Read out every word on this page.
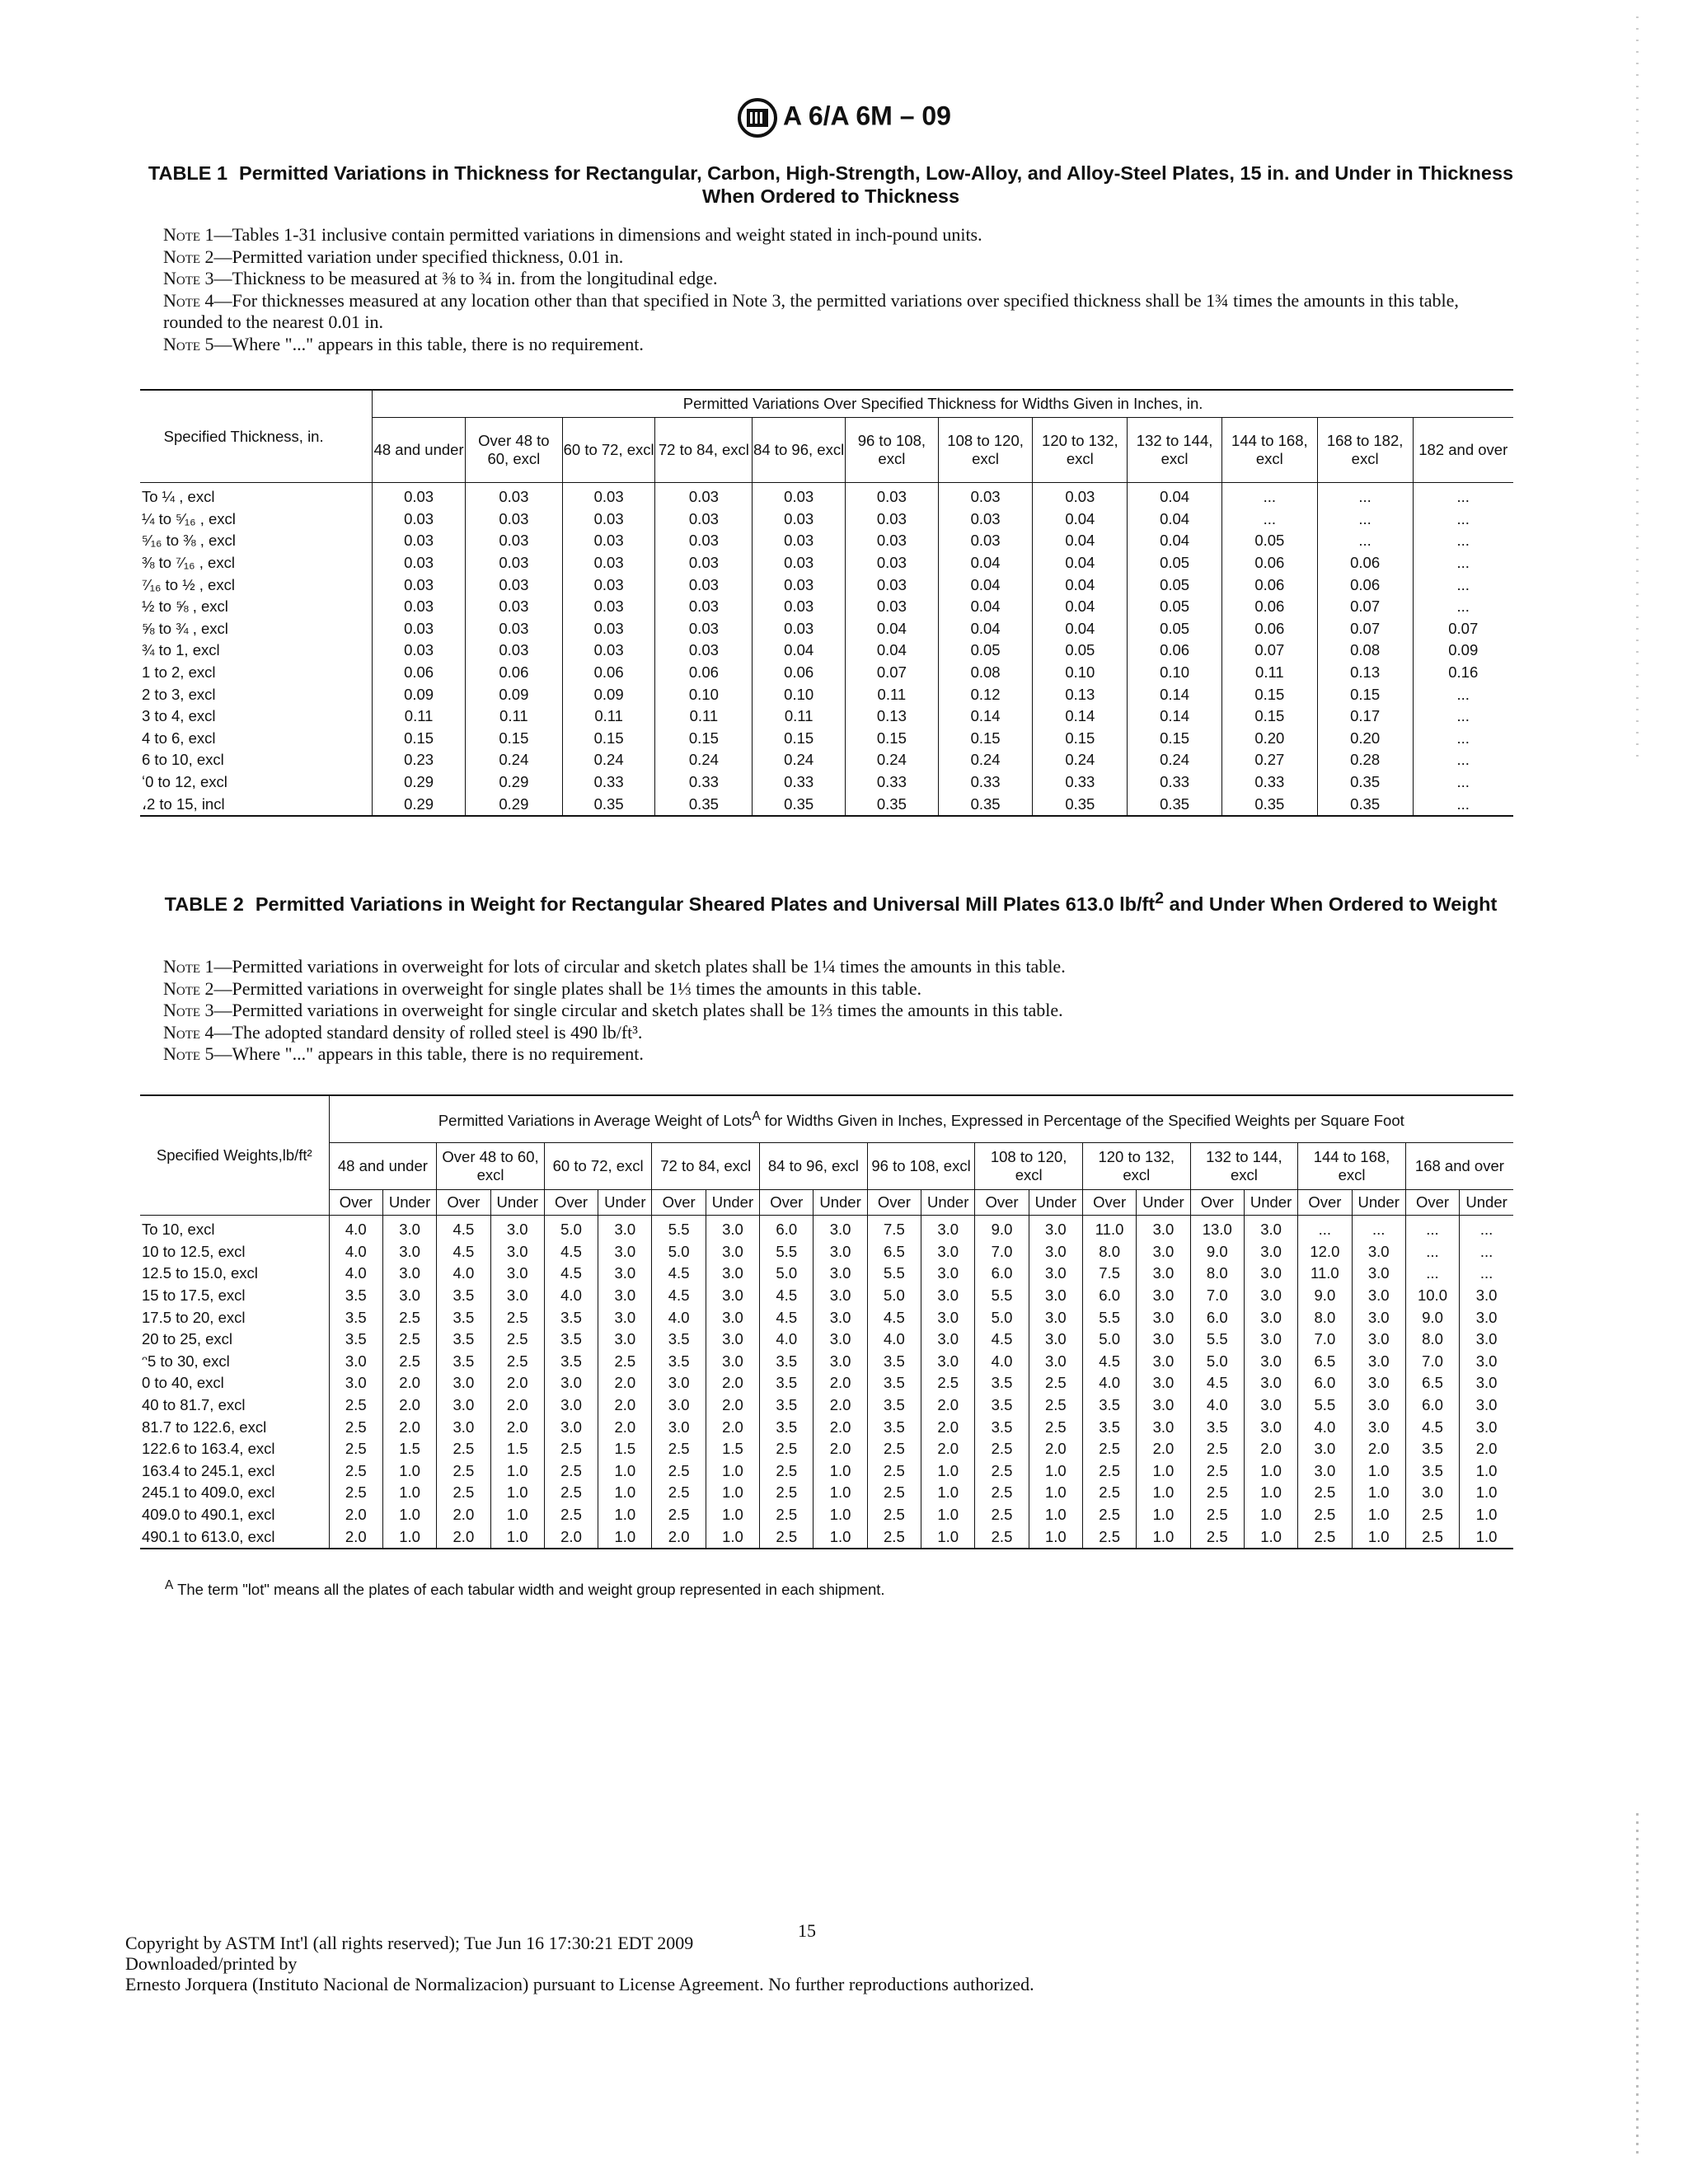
A 6/A 6M – 09
TABLE 1 Permitted Variations in Thickness for Rectangular, Carbon, High-Strength, Low-Alloy, and Alloy-Steel Plates, 15 in. and Under in Thickness When Ordered to Thickness

Note 1—Tables 1-31 inclusive contain permitted variations in dimensions and weight stated in inch-pound units.

Note 2—Permitted variation under specified thickness, 0.01 in.

Note 3—Thickness to be measured at ⅜ to ¾ in. from the longitudinal edge.

Note 4—For thicknesses measured at any location other than that specified in Note 3, the permitted variations over specified thickness shall be 1¾ times the amounts in this table, rounded to the nearest 0.01 in.

Note 5—Where "..." appears in this table, there is no requirement.

Specified Thickness, in.	Permitted Variations Over Specified Thickness for Widths Given in Inches, in.											
	48 and under	Over 48 to 60, excl	60 to 72, excl	72 to 84, excl	84 to 96, excl	96 to 108, excl	108 to 120, excl	120 to 132, excl	132 to 144, excl	144 to 168, excl	168 to 182, excl	182 and over
To ¼ , excl	0.03	0.03	0.03	0.03	0.03	0.03	0.03	0.03	0.04	...	...	...
¼ to ⁵⁄₁₆ , excl	0.03	0.03	0.03	0.03	0.03	0.03	0.03	0.04	0.04	...	...	...
⁵⁄₁₆ to ⅜ , excl	0.03	0.03	0.03	0.03	0.03	0.03	0.03	0.04	0.04	0.05	...	...
⅜ to ⁷⁄₁₆ , excl	0.03	0.03	0.03	0.03	0.03	0.03	0.04	0.04	0.05	0.06	0.06	...
⁷⁄₁₆ to ½ , excl	0.03	0.03	0.03	0.03	0.03	0.03	0.04	0.04	0.05	0.06	0.06	...
½ to ⅝ , excl	0.03	0.03	0.03	0.03	0.03	0.03	0.04	0.04	0.05	0.06	0.07	...
⅝ to ¾ , excl	0.03	0.03	0.03	0.03	0.03	0.04	0.04	0.04	0.05	0.06	0.07	0.07
¾ to 1, excl	0.03	0.03	0.03	0.03	0.04	0.04	0.05	0.05	0.06	0.07	0.08	0.09
1 to 2, excl	0.06	0.06	0.06	0.06	0.06	0.07	0.08	0.10	0.10	0.11	0.13	0.16
2 to 3, excl	0.09	0.09	0.09	0.10	0.10	0.11	0.12	0.13	0.14	0.15	0.15	...
3 to 4, excl	0.11	0.11	0.11	0.11	0.11	0.13	0.14	0.14	0.14	0.15	0.17	...
4 to 6, excl	0.15	0.15	0.15	0.15	0.15	0.15	0.15	0.15	0.15	0.20	0.20	...
6 to 10, excl	0.23	0.24	0.24	0.24	0.24	0.24	0.24	0.24	0.24	0.27	0.28	...
ʻ0 to 12, excl	0.29	0.29	0.33	0.33	0.33	0.33	0.33	0.33	0.33	0.33	0.35	...
،2 to 15, incl	0.29	0.29	0.35	0.35	0.35	0.35	0.35	0.35	0.35	0.35	0.35	...
TABLE 2 Permitted Variations in Weight for Rectangular Sheared Plates and Universal Mill Plates 613.0 $lb/ft^2$ and Under When Ordered to Weight

Note 1—Permitted variations in overweight for lots of circular and sketch plates shall be 1¼ times the amounts in this table.

Note 2—Permitted variations in overweight for single plates shall be 1⅓ times the amounts in this table.

Note 3—Permitted variations in overweight for single circular and sketch plates shall be 1⅔ times the amounts in this table.

Note 4—The adopted standard density of rolled steel is 490 lb/ft³.

Note 5—Where "..." appears in this table, there is no requirement.

Specified Weights,lb/ft²	Permitted Variations in Average Weight of Lots$^A$ for Widths Given in Inches, Expressed in Percentage of the Specified Weights per Square Foot																					
	48 and under		Over 48 to 60, excl		60 to 72, excl		72 to 84, excl		84 to 96, excl		96 to 108, excl		108 to 120, excl		120 to 132, excl		132 to 144, excl		144 to 168, excl		168 and over	
	Over	Under	Over	Under	Over	Under	Over	Under	Over	Under	Over	Under	Over	Under	Over	Under	Over	Under	Over	Under	Over	Under
To 10, excl	4.0	3.0	4.5	3.0	5.0	3.0	5.5	3.0	6.0	3.0	7.5	3.0	9.0	3.0	11.0	3.0	13.0	3.0	...	...	...	...
10 to 12.5, excl	4.0	3.0	4.5	3.0	4.5	3.0	5.0	3.0	5.5	3.0	6.5	3.0	7.0	3.0	8.0	3.0	9.0	3.0	12.0	3.0	...	...
12.5 to 15.0, excl	4.0	3.0	4.0	3.0	4.5	3.0	4.5	3.0	5.0	3.0	5.5	3.0	6.0	3.0	7.5	3.0	8.0	3.0	11.0	3.0	...	...
15 to 17.5, excl	3.5	3.0	3.5	3.0	4.0	3.0	4.5	3.0	4.5	3.0	5.0	3.0	5.5	3.0	6.0	3.0	7.0	3.0	9.0	3.0	10.0	3.0
17.5 to 20, excl	3.5	2.5	3.5	2.5	3.5	3.0	4.0	3.0	4.5	3.0	4.5	3.0	5.0	3.0	5.5	3.0	6.0	3.0	8.0	3.0	9.0	3.0
20 to 25, excl	3.5	2.5	3.5	2.5	3.5	3.0	3.5	3.0	4.0	3.0	4.0	3.0	4.5	3.0	5.0	3.0	5.5	3.0	7.0	3.0	8.0	3.0
ᵔ5 to 30, excl	3.0	2.5	3.5	2.5	3.5	2.5	3.5	3.0	3.5	3.0	3.5	3.0	4.0	3.0	4.5	3.0	5.0	3.0	6.5	3.0	7.0	3.0
0 to 40, excl	3.0	2.0	3.0	2.0	3.0	2.0	3.0	2.0	3.5	2.0	3.5	2.5	3.5	2.5	4.0	3.0	4.5	3.0	6.0	3.0	6.5	3.0
40 to 81.7, excl	2.5	2.0	3.0	2.0	3.0	2.0	3.0	2.0	3.5	2.0	3.5	2.0	3.5	2.5	3.5	3.0	4.0	3.0	5.5	3.0	6.0	3.0
81.7 to 122.6, excl	2.5	2.0	3.0	2.0	3.0	2.0	3.0	2.0	3.5	2.0	3.5	2.0	3.5	2.5	3.5	3.0	3.5	3.0	4.0	3.0	4.5	3.0
122.6 to 163.4, excl	2.5	1.5	2.5	1.5	2.5	1.5	2.5	1.5	2.5	2.0	2.5	2.0	2.5	2.0	2.5	2.0	2.5	2.0	3.0	2.0	3.5	2.0
163.4 to 245.1, excl	2.5	1.0	2.5	1.0	2.5	1.0	2.5	1.0	2.5	1.0	2.5	1.0	2.5	1.0	2.5	1.0	2.5	1.0	3.0	1.0	3.5	1.0
245.1 to 409.0, excl	2.5	1.0	2.5	1.0	2.5	1.0	2.5	1.0	2.5	1.0	2.5	1.0	2.5	1.0	2.5	1.0	2.5	1.0	2.5	1.0	3.0	1.0
409.0 to 490.1, excl	2.0	1.0	2.0	1.0	2.5	1.0	2.5	1.0	2.5	1.0	2.5	1.0	2.5	1.0	2.5	1.0	2.5	1.0	2.5	1.0	2.5	1.0
490.1 to 613.0, excl	2.0	1.0	2.0	1.0	2.0	1.0	2.0	1.0	2.5	1.0	2.5	1.0	2.5	1.0	2.5	1.0	2.5	1.0	2.5	1.0	2.5	1.0
$^A$ The term "lot" means all the plates of each tabular width and weight group represented in each shipment.
15
Copyright by ASTM Int'l (all rights reserved); Tue Jun 16 17:30:21 EDT 2009
Downloaded/printed by
Ernesto Jorquera (Instituto Nacional de Normalizacion) pursuant to License Agreement. No further reproductions authorized.
